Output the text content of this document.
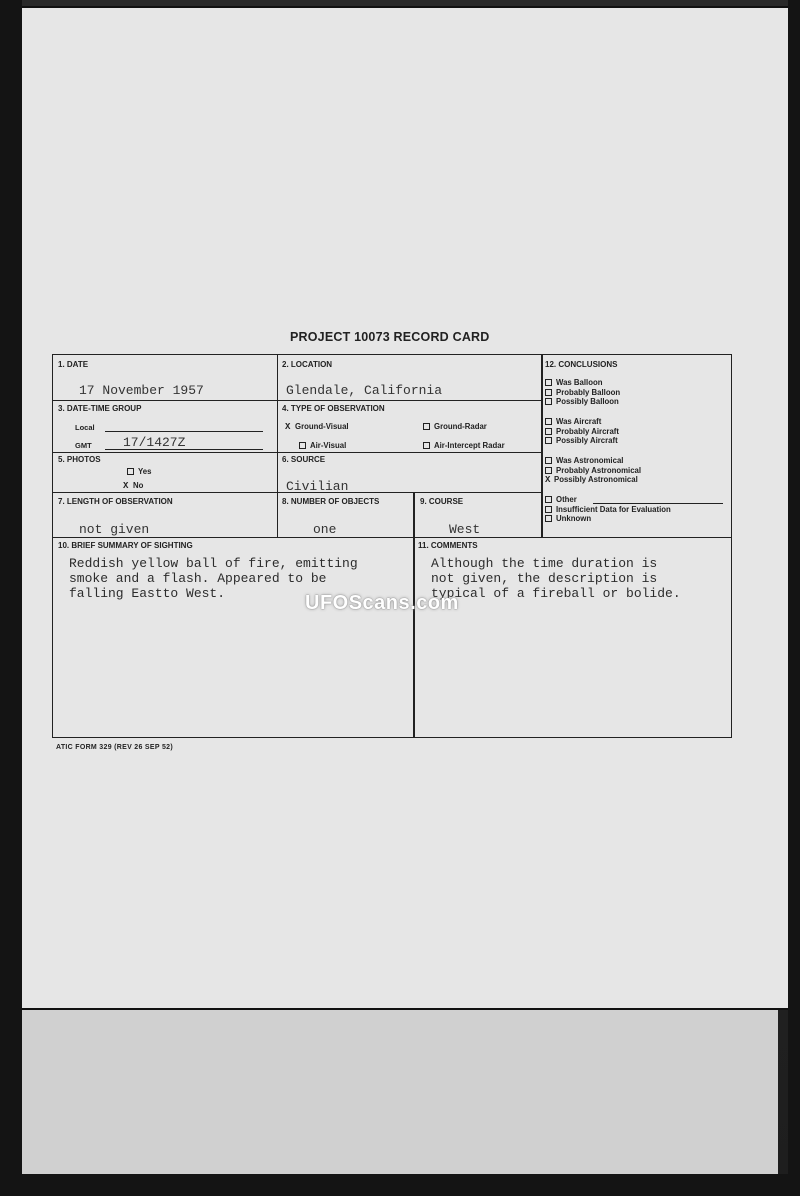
PROJECT 10073 RECORD CARD
1. DATE
17 November 1957
2. LOCATION
Glendale, California
3. DATE-TIME GROUP
Local
GMT 17/1427Z
4. TYPE OF OBSERVATION
X Ground-Visual	Ground-Radar
Air-Visual	Air-Intercept Radar
5. PHOTOS
Yes
X No
6. SOURCE
Civilian
7. LENGTH OF OBSERVATION
not given
8. NUMBER OF OBJECTS
one
9. COURSE
West
10. BRIEF SUMMARY OF SIGHTING
Reddish yellow ball of fire, emitting
smoke and a flash. Appeared to be
falling Eastto West.
11. COMMENTS
Although the time duration is
not given, the description is
typical of a fireball or bolide.
12. CONCLUSIONS
Was Balloon
Probably Balloon
Possibly Balloon
Was Aircraft
Probably Aircraft
Possibly Aircraft
Was Astronomical
Probably Astronomical
X Possibly Astronomical
Other
Insufficient Data for Evaluation
Unknown
ATIC FORM 329 (REV 26 SEP 52)
UFOScans.com
